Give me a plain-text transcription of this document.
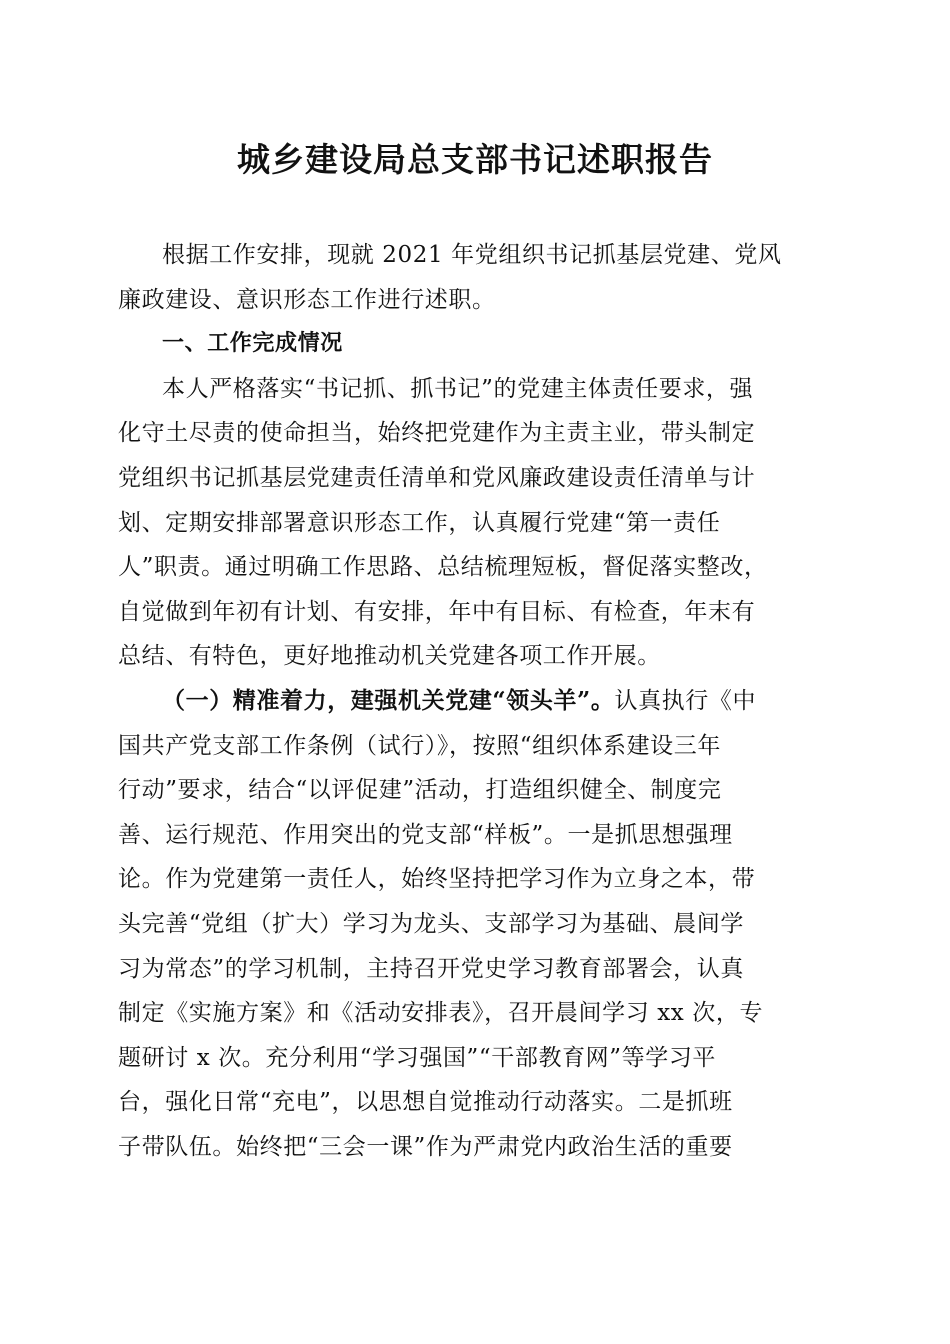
城乡建设局总支部书记述职报告
根据工作安排，现就 2021 年党组织书记抓基层党建、党风
廉政建设、意识形态工作进行述职。
一、工作完成情况
本人严格落实“书记抓、抓书记”的党建主体责任要求，强
化守土尽责的使命担当，始终把党建作为主责主业，带头制定
党组织书记抓基层党建责任清单和党风廉政建设责任清单与计
划、定期安排部署意识形态工作，认真履行党建“第一责任
人”职责。通过明确工作思路、总结梳理短板，督促落实整改，
自觉做到年初有计划、有安排，年中有目标、有检查，年末有
总结、有特色，更好地推动机关党建各项工作开展。
（一）精准着力，建强机关党建“领头羊”。认真执行《中
国共产党支部工作条例（试行）》，按照“组织体系建设三年
行动”要求，结合“以评促建”活动，打造组织健全、制度完
善、运行规范、作用突出的党支部“样板”。一是抓思想强理
论。作为党建第一责任人，始终坚持把学习作为立身之本，带
头完善“党组（扩大）学习为龙头、支部学习为基础、晨间学
习为常态”的学习机制，主持召开党史学习教育部署会，认真
制定《实施方案》和《活动安排表》，召开晨间学习 xx 次，专
题研讨 x 次。充分利用“学习强国”“干部教育网”等学习平
台，强化日常“充电”，以思想自觉推动行动落实。二是抓班
子带队伍。始终把“三会一课”作为严肃党内政治生活的重要
